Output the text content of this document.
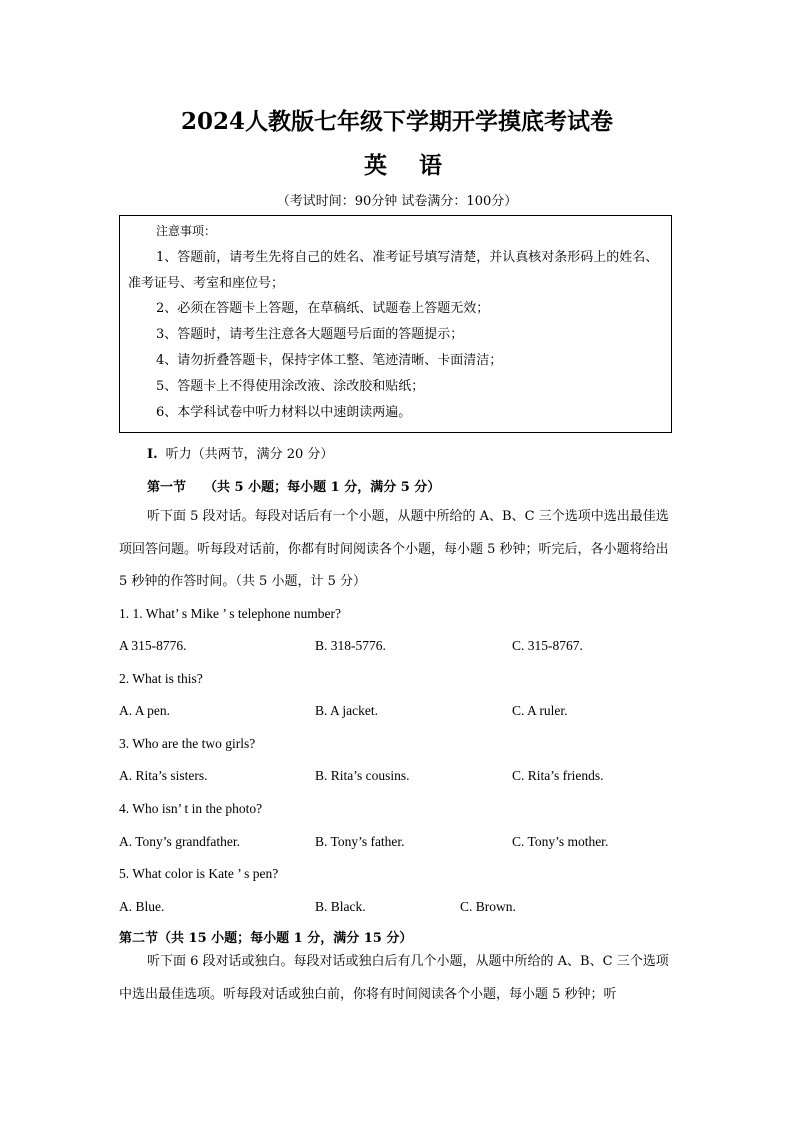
2024人教版七年级下学期开学摸底考试卷
英 语
（考试时间：90分钟 试卷满分：100分）
注意事项：
1、答题前，请考生先将自己的姓名、准考证号填写清楚，并认真核对条形码上的姓名、准考证号、考室和座位号；
2、必须在答题卡上答题，在草稿纸、试题卷上答题无效；
3、答题时，请考生注意各大题题号后面的答题提示；
4、请勿折叠答题卡，保持字体工整、笔迹清晰、卡面清洁；
5、答题卡上不得使用涂改液、涂改胶和贴纸；
6、本学科试卷中听力材料以中速朗读两遍。
I. 听力（共两节，满分 20 分）
第一节 （共 5 小题；每小题 1 分，满分 5 分）
听下面 5 段对话。每段对话后有一个小题，从题中所给的 A、B、C 三个选项中选出最佳选项回答问题。听每段对话前，你都有时间阅读各个小题，每小题 5 秒钟；听完后，各小题将给出 5 秒钟的作答时间。（共 5 小题，计 5 分）
1. 1. What’ s Mike ’ s telephone number?
A 315-8776.	B. 318-5776.	C. 315-8767.
2. What is this?
A. A pen.	B. A jacket.	C. A ruler.
3. Who are the two girls?
A. Rita’s sisters.	B. Rita’s cousins.	C. Rita’s friends.
4. Who isn’ t in the photo?
A. Tony’s grandfather.	B. Tony’s father.	C. Tony’s mother.
5. What color is Kate ’ s pen?
A. Blue.	B. Black.	C. Brown.
第二节（共 15 小题；每小题 1 分，满分 15 分）
听下面 6 段对话或独白。每段对话或独白后有几个小题，从题中所给的 A、B、C 三个选项中选出最佳选项。听每段对话或独白前，你将有时间阅读各个小题，每小题 5 秒钟；听
